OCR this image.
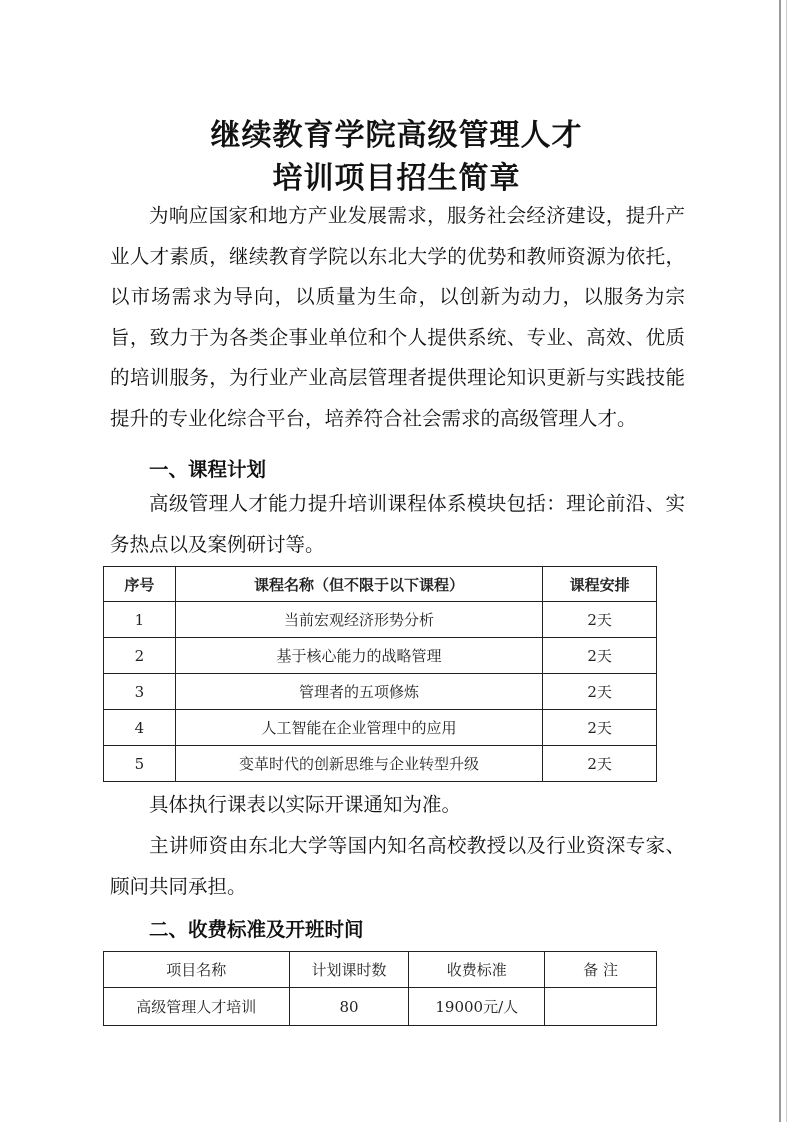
继续教育学院高级管理人才
培训项目招生简章

为响应国家和地方产业发展需求，服务社会经济建设，提升产业人才素质，继续教育学院以东北大学的优势和教师资源为依托，以市场需求为导向，以质量为生命，以创新为动力，以服务为宗旨，致力于为各类企事业单位和个人提供系统、专业、高效、优质的培训服务，为行业产业高层管理者提供理论知识更新与实践技能提升的专业化综合平台，培养符合社会需求的高级管理人才。

一、课程计划

高级管理人才能力提升培训课程体系模块包括：理论前沿、实务热点以及案例研讨等。

序号	课程名称（但不限于以下课程）	课程安排
1	当前宏观经济形势分析	2天
2	基于核心能力的战略管理	2天
3	管理者的五项修炼	2天
4	人工智能在企业管理中的应用	2天
5	变革时代的创新思维与企业转型升级	2天

具体执行课表以实际开课通知为准。

主讲师资由东北大学等国内知名高校教授以及行业资深专家、顾问共同承担。

二、收费标准及开班时间

项目名称	计划课时数	收费标准	备 注
高级管理人才培训	80	19000元/人	
